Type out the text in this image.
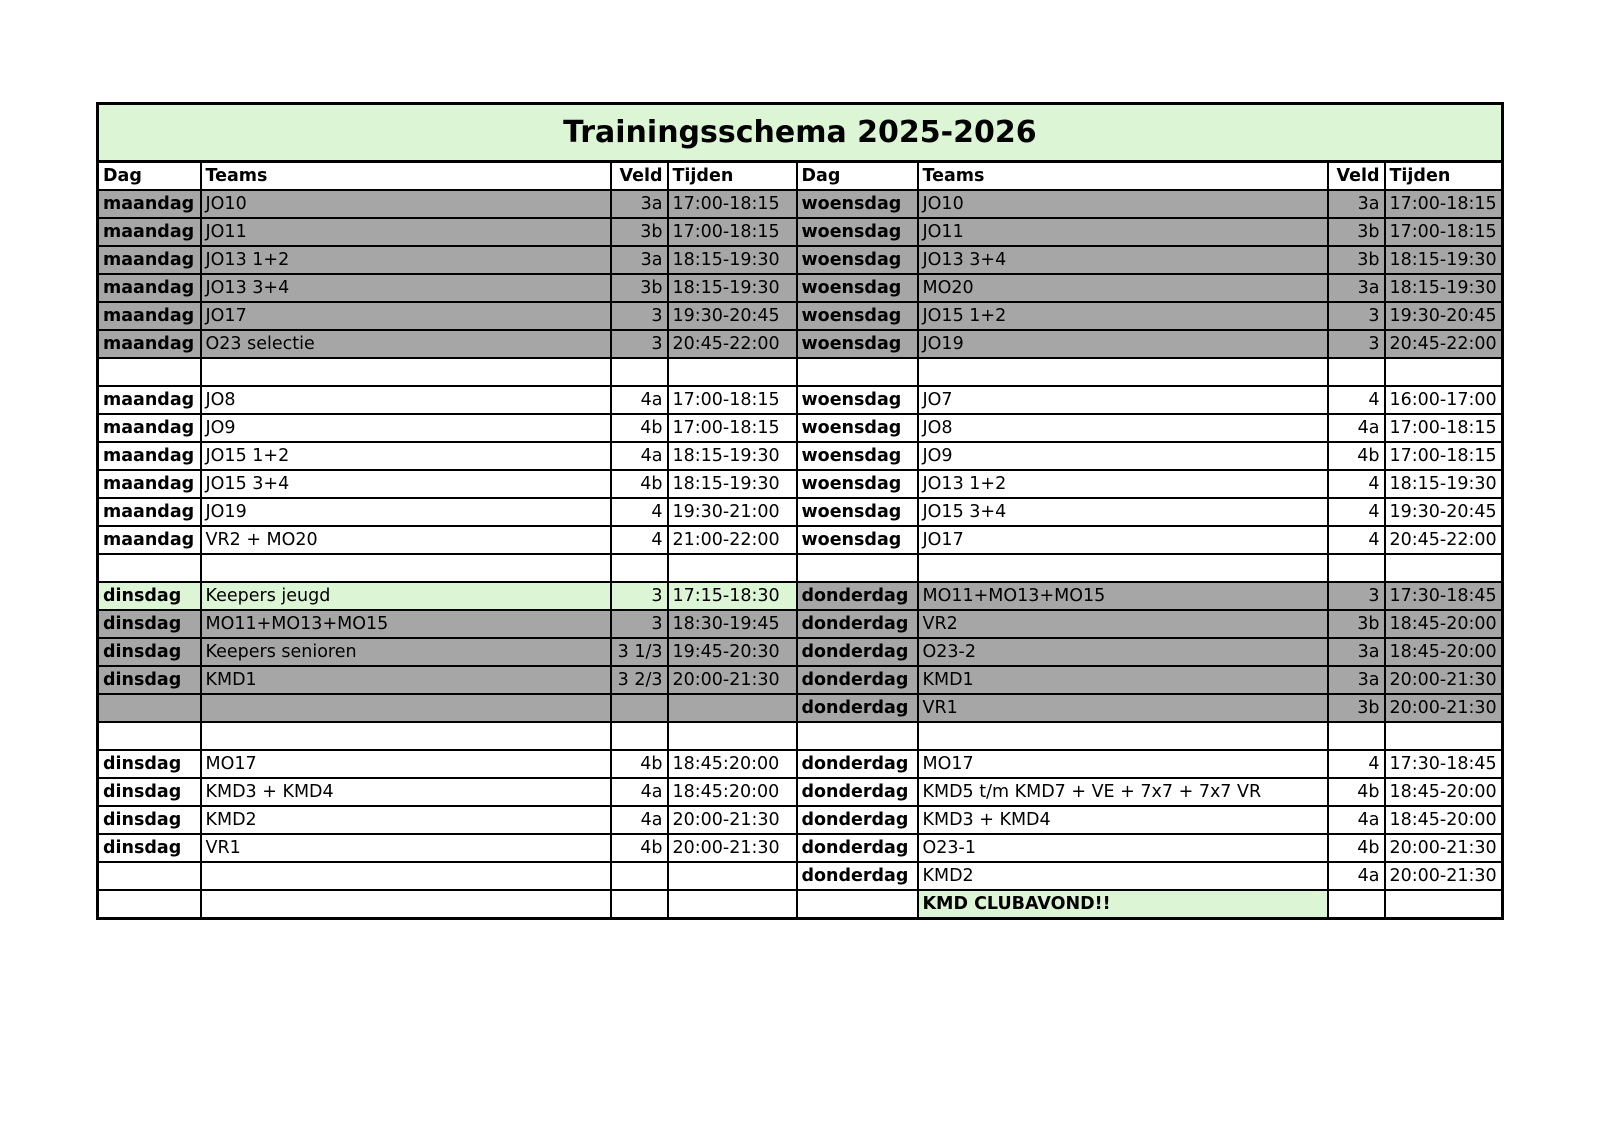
Trainingsschema 2025-2026							
Dag	Teams	Veld	Tijden	Dag	Teams	Veld	Tijden
maandag	JO10	3a	17:00-18:15	woensdag	JO10	3a	17:00-18:15
maandag	JO11	3b	17:00-18:15	woensdag	JO11	3b	17:00-18:15
maandag	JO13 1+2	3a	18:15-19:30	woensdag	JO13 3+4	3b	18:15-19:30
maandag	JO13 3+4	3b	18:15-19:30	woensdag	MO20	3a	18:15-19:30
maandag	JO17	3	19:30-20:45	woensdag	JO15 1+2	3	19:30-20:45
maandag	O23 selectie	3	20:45-22:00	woensdag	JO19	3	20:45-22:00

maandag	JO8	4a	17:00-18:15	woensdag	JO7	4	16:00-17:00
maandag	JO9	4b	17:00-18:15	woensdag	JO8	4a	17:00-18:15
maandag	JO15 1+2	4a	18:15-19:30	woensdag	JO9	4b	17:00-18:15
maandag	JO15 3+4	4b	18:15-19:30	woensdag	JO13 1+2	4	18:15-19:30
maandag	JO19	4	19:30-21:00	woensdag	JO15 3+4	4	19:30-20:45
maandag	VR2 + MO20	4	21:00-22:00	woensdag	JO17	4	20:45-22:00

dinsdag	Keepers jeugd	3	17:15-18:30	donderdag	MO11+MO13+MO15	3	17:30-18:45
dinsdag	MO11+MO13+MO15	3	18:30-19:45	donderdag	VR2	3b	18:45-20:00
dinsdag	Keepers senioren	3 1/3	19:45-20:30	donderdag	O23-2	3a	18:45-20:00
dinsdag	KMD1	3 2/3	20:00-21:30	donderdag	KMD1	3a	20:00-21:30
				donderdag	VR1	3b	20:00-21:30

dinsdag	MO17	4b	18:45:20:00	donderdag	MO17	4	17:30-18:45
dinsdag	KMD3 + KMD4	4a	18:45:20:00	donderdag	KMD5 t/m KMD7 + VE + 7x7 + 7x7 VR	4b	18:45-20:00
dinsdag	KMD2	4a	20:00-21:30	donderdag	KMD3 + KMD4	4a	18:45-20:00
dinsdag	VR1	4b	20:00-21:30	donderdag	O23-1	4b	20:00-21:30
				donderdag	KMD2	4a	20:00-21:30
					KMD CLUBAVOND!!		
